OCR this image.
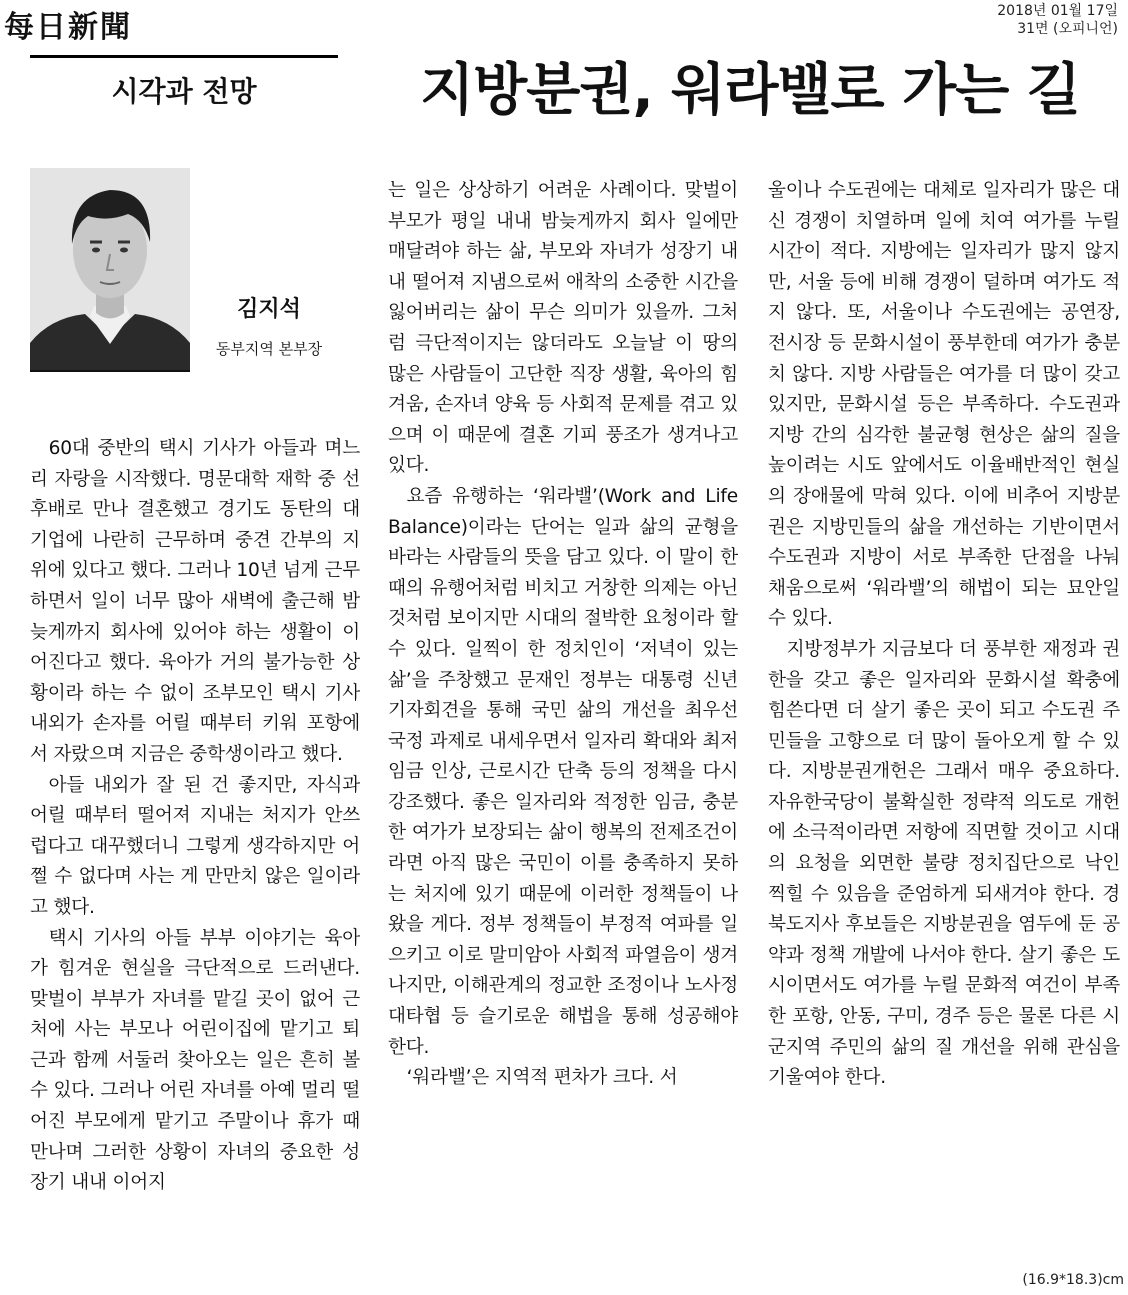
每日新聞	2018년 01월 17일
31면 (오피니언)
시각과 전망	지방분권, 워라밸로 가는 길
김지석
동부지역 본부장

60대 중반의 택시 기사가 아들과 며느리 자랑을 시작했다. 명문대학 재학 중 선후배로 만나 결혼했고 경기도 동탄의 대기업에 나란히 근무하며 중견 간부의 지위에 있다고 했다. 그러나 10년 넘게 근무하면서 일이 너무 많아 새벽에 출근해 밤늦게까지 회사에 있어야 하는 생활이 이어진다고 했다. 육아가 거의 불가능한 상황이라 하는 수 없이 조부모인 택시 기사 내외가 손자를 어릴 때부터 키워 포항에서 자랐으며 지금은 중학생이라고 했다.

아들 내외가 잘 된 건 좋지만, 자식과 어릴 때부터 떨어져 지내는 처지가 안쓰럽다고 대꾸했더니 그렇게 생각하지만 어쩔 수 없다며 사는 게 만만치 않은 일이라고 했다.

택시 기사의 아들 부부 이야기는 육아가 힘겨운 현실을 극단적으로 드러낸다. 맞벌이 부부가 자녀를 맡길 곳이 없어 근처에 사는 부모나 어린이집에 맡기고 퇴근과 함께 서둘러 찾아오는 일은 흔히 볼 수 있다. 그러나 어린 자녀를 아예 멀리 떨어진 부모에게 맡기고 주말이나 휴가 때 만나며 그러한 상황이 자녀의 중요한 성장기 내내 이어지

는 일은 상상하기 어려운 사례이다. 맞벌이 부모가 평일 내내 밤늦게까지 회사 일에만 매달려야 하는 삶, 부모와 자녀가 성장기 내내 떨어져 지냄으로써 애착의 소중한 시간을 잃어버리는 삶이 무슨 의미가 있을까. 그처럼 극단적이지는 않더라도 오늘날 이 땅의 많은 사람들이 고단한 직장 생활, 육아의 힘겨움, 손자녀 양육 등 사회적 문제를 겪고 있으며 이 때문에 결혼 기피 풍조가 생겨나고 있다.

요즘 유행하는 ‘워라밸’(Work and Life Balance)이라는 단어는 일과 삶의 균형을 바라는 사람들의 뜻을 담고 있다. 이 말이 한때의 유행어처럼 비치고 거창한 의제는 아닌 것처럼 보이지만 시대의 절박한 요청이라 할 수 있다. 일찍이 한 정치인이 ‘저녁이 있는 삶’을 주창했고 문재인 정부는 대통령 신년 기자회견을 통해 국민 삶의 개선을 최우선 국정 과제로 내세우면서 일자리 확대와 최저임금 인상, 근로시간 단축 등의 정책을 다시 강조했다. 좋은 일자리와 적정한 임금, 충분한 여가가 보장되는 삶이 행복의 전제조건이라면 아직 많은 국민이 이를 충족하지 못하는 처지에 있기 때문에 이러한 정책들이 나왔을 게다. 정부 정책들이 부정적 여파를 일으키고 이로 말미암아 사회적 파열음이 생겨나지만, 이해관계의 정교한 조정이나 노사정 대타협 등 슬기로운 해법을 통해 성공해야 한다.

‘워라밸’은 지역적 편차가 크다. 서

울이나 수도권에는 대체로 일자리가 많은 대신 경쟁이 치열하며 일에 치여 여가를 누릴 시간이 적다. 지방에는 일자리가 많지 않지만, 서울 등에 비해 경쟁이 덜하며 여가도 적지 않다. 또, 서울이나 수도권에는 공연장, 전시장 등 문화시설이 풍부한데 여가가 충분치 않다. 지방 사람들은 여가를 더 많이 갖고 있지만, 문화시설 등은 부족하다. 수도권과 지방 간의 심각한 불균형 현상은 삶의 질을 높이려는 시도 앞에서도 이율배반적인 현실의 장애물에 막혀 있다. 이에 비추어 지방분권은 지방민들의 삶을 개선하는 기반이면서 수도권과 지방이 서로 부족한 단점을 나눠 채움으로써 ‘워라밸’의 해법이 되는 묘안일 수 있다.

지방정부가 지금보다 더 풍부한 재정과 권한을 갖고 좋은 일자리와 문화시설 확충에 힘쓴다면 더 살기 좋은 곳이 되고 수도권 주민들을 고향으로 더 많이 돌아오게 할 수 있다. 지방분권개헌은 그래서 매우 중요하다. 자유한국당이 불확실한 정략적 의도로 개헌에 소극적이라면 저항에 직면할 것이고 시대의 요청을 외면한 불량 정치집단으로 낙인 찍힐 수 있음을 준엄하게 되새겨야 한다. 경북도지사 후보들은 지방분권을 염두에 둔 공약과 정책 개발에 나서야 한다. 살기 좋은 도시이면서도 여가를 누릴 문화적 여건이 부족한 포항, 안동, 구미, 경주 등은 물론 다른 시군지역 주민의 삶의 질 개선을 위해 관심을 기울여야 한다.

(16.9*18.3)cm
